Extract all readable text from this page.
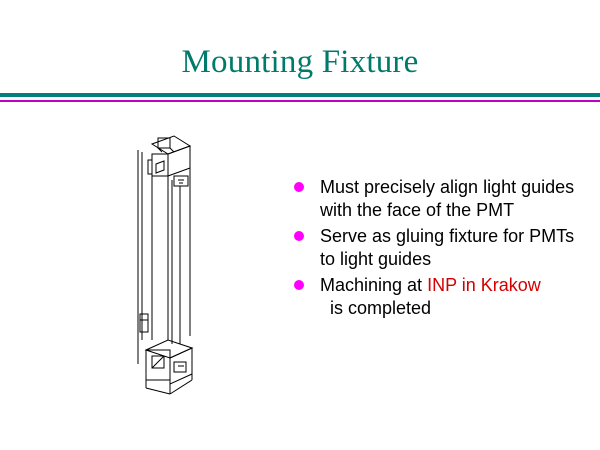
Mounting Fixture
Must precisely align light guides with the face of the PMT
Serve as gluing fixture for PMTs to light guides
Machining at INP in Krakow  is completed
